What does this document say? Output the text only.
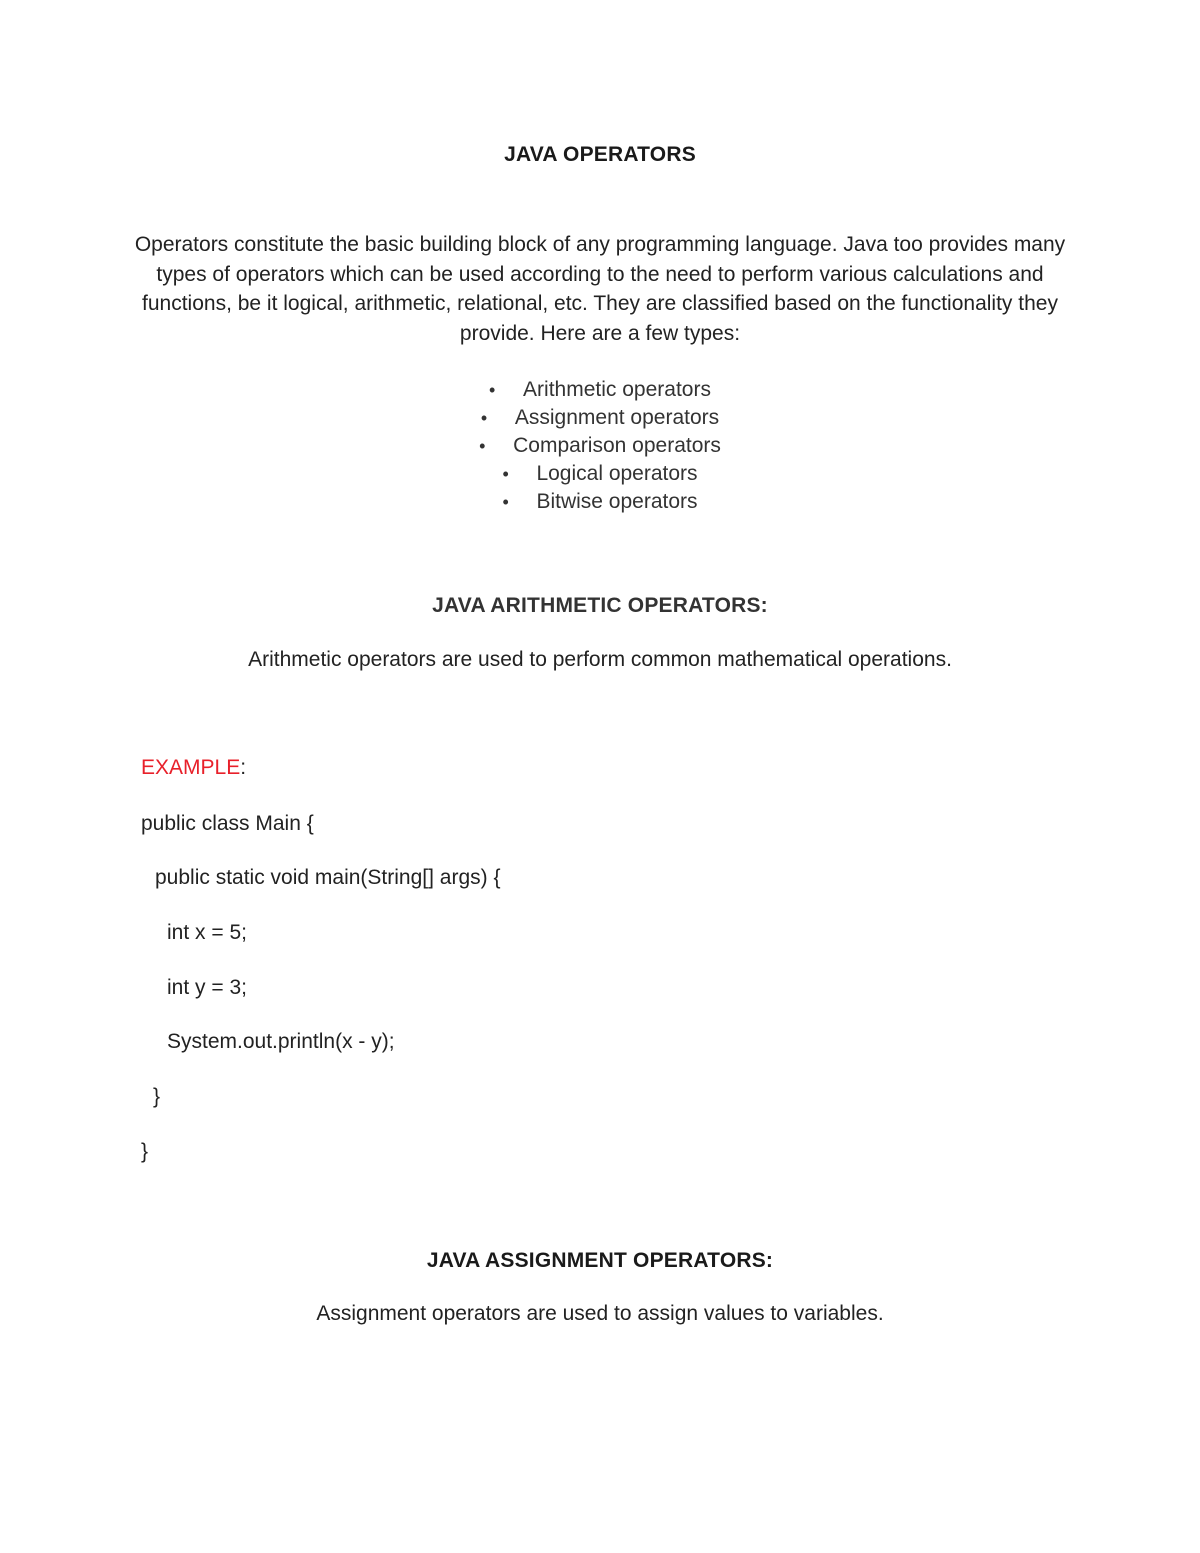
JAVA OPERATORS
Operators constitute the basic building block of any programming language. Java too provides many types of operators which can be used according to the need to perform various calculations and functions, be it logical, arithmetic, relational, etc. They are classified based on the functionality they provide. Here are a few types:
• Arithmetic operators
• Assignment operators
• Comparison operators
• Logical operators
• Bitwise operators
JAVA ARITHMETIC OPERATORS:
Arithmetic operators are used to perform common mathematical operations.
EXAMPLE:
public class Main {
public static void main(String[] args) {
int x = 5;
int y = 3;
System.out.println(x - y);
}
}
JAVA ASSIGNMENT OPERATORS:
Assignment operators are used to assign values to variables.
